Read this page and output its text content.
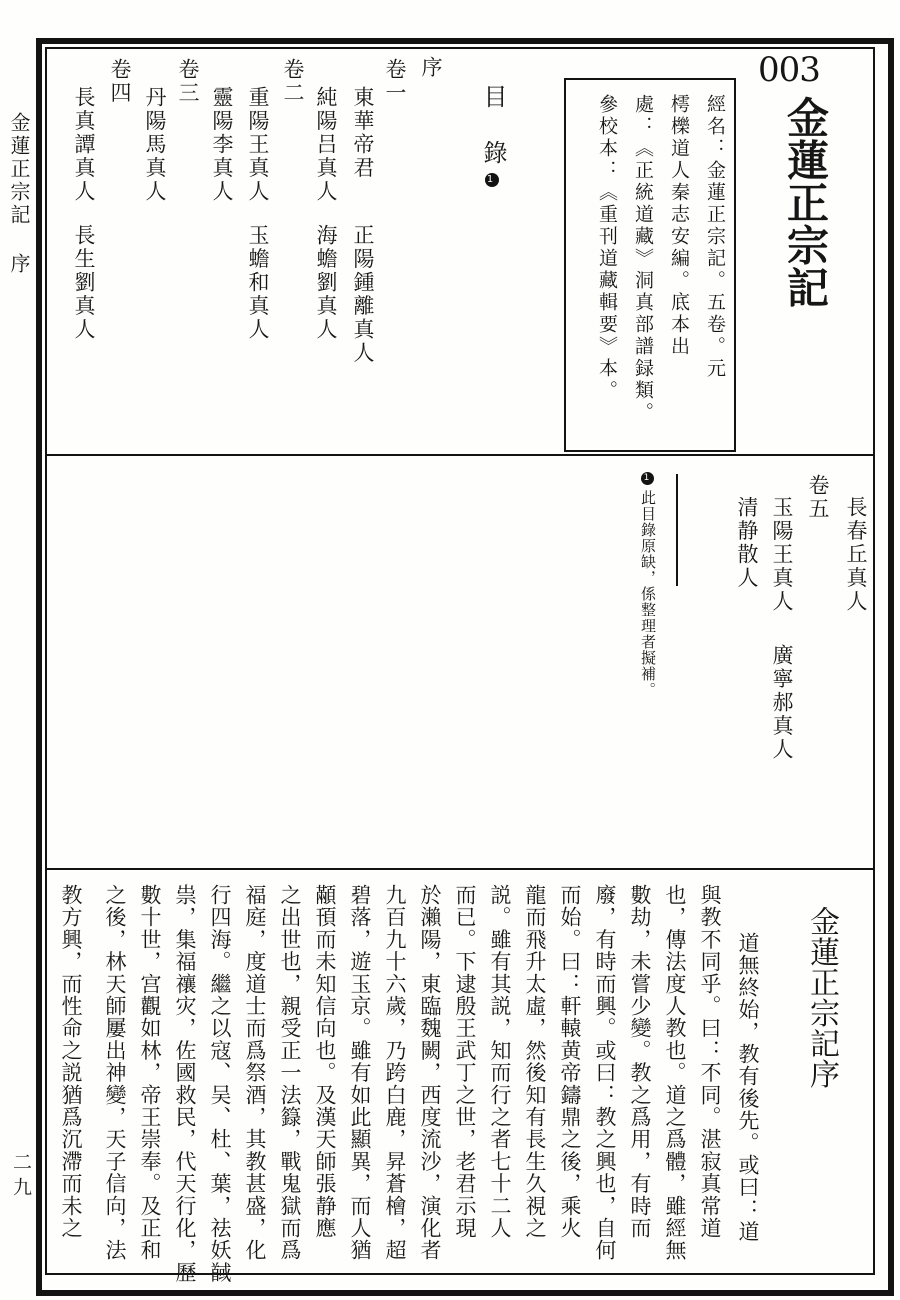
金蓮正宗記序
二九
003
金蓮正宗記
經名：金蓮正宗記。五卷。元
樗櫟道人秦志安編。底本出
處：《正統道藏》洞真部譜録類。
參校本：《重刊道藏輯要》本。
目　錄1
序
卷一
東華帝君
正陽鍾離真人
純陽吕真人
海蟾劉真人
卷二
重陽王真人
玉蟾和真人
靈陽李真人
卷三
丹陽馬真人
卷四
長真譚真人
長生劉真人
長春丘真人
卷五
玉陽王真人
廣寧郝真人
清静散人
1此目錄原缺，係整理者擬補。
金蓮正宗記序
道無終始，教有後先。或曰：道
與教不同乎。曰：不同。湛寂真常道
也，傳法度人教也。道之爲體，雖經無
數劫，未嘗少變。教之爲用，有時而
廢，有時而興。或曰：教之興也，自何
而始。曰：軒轅黄帝鑄鼎之後，乘火
龍而飛升太虛，然後知有長生久視之
説。雖有其説，知而行之者七十二人
而已。下逮殷王武丁之世，老君示現
於瀨陽，東臨魏闕，西度流沙，演化者
九百九十六歲，乃跨白鹿，昇蒼檜，超
碧落，遊玉京。雖有如此顯異，而人猶
顢頇而未知信向也。及漢天師張静應
之出世也，親受正一法籙，戰鬼獄而爲
福庭，度道士而爲祭酒，其教甚盛，化
行四海。繼之以寇、吴、杜、葉，祛妖馘
祟，集福禳灾，佐國救民，代天行化，歷
數十世，宫觀如林，帝王崇奉。及正和
之後，林天師屢出神變，天子信向，法
教方興，而性命之説猶爲沉滯而未之
